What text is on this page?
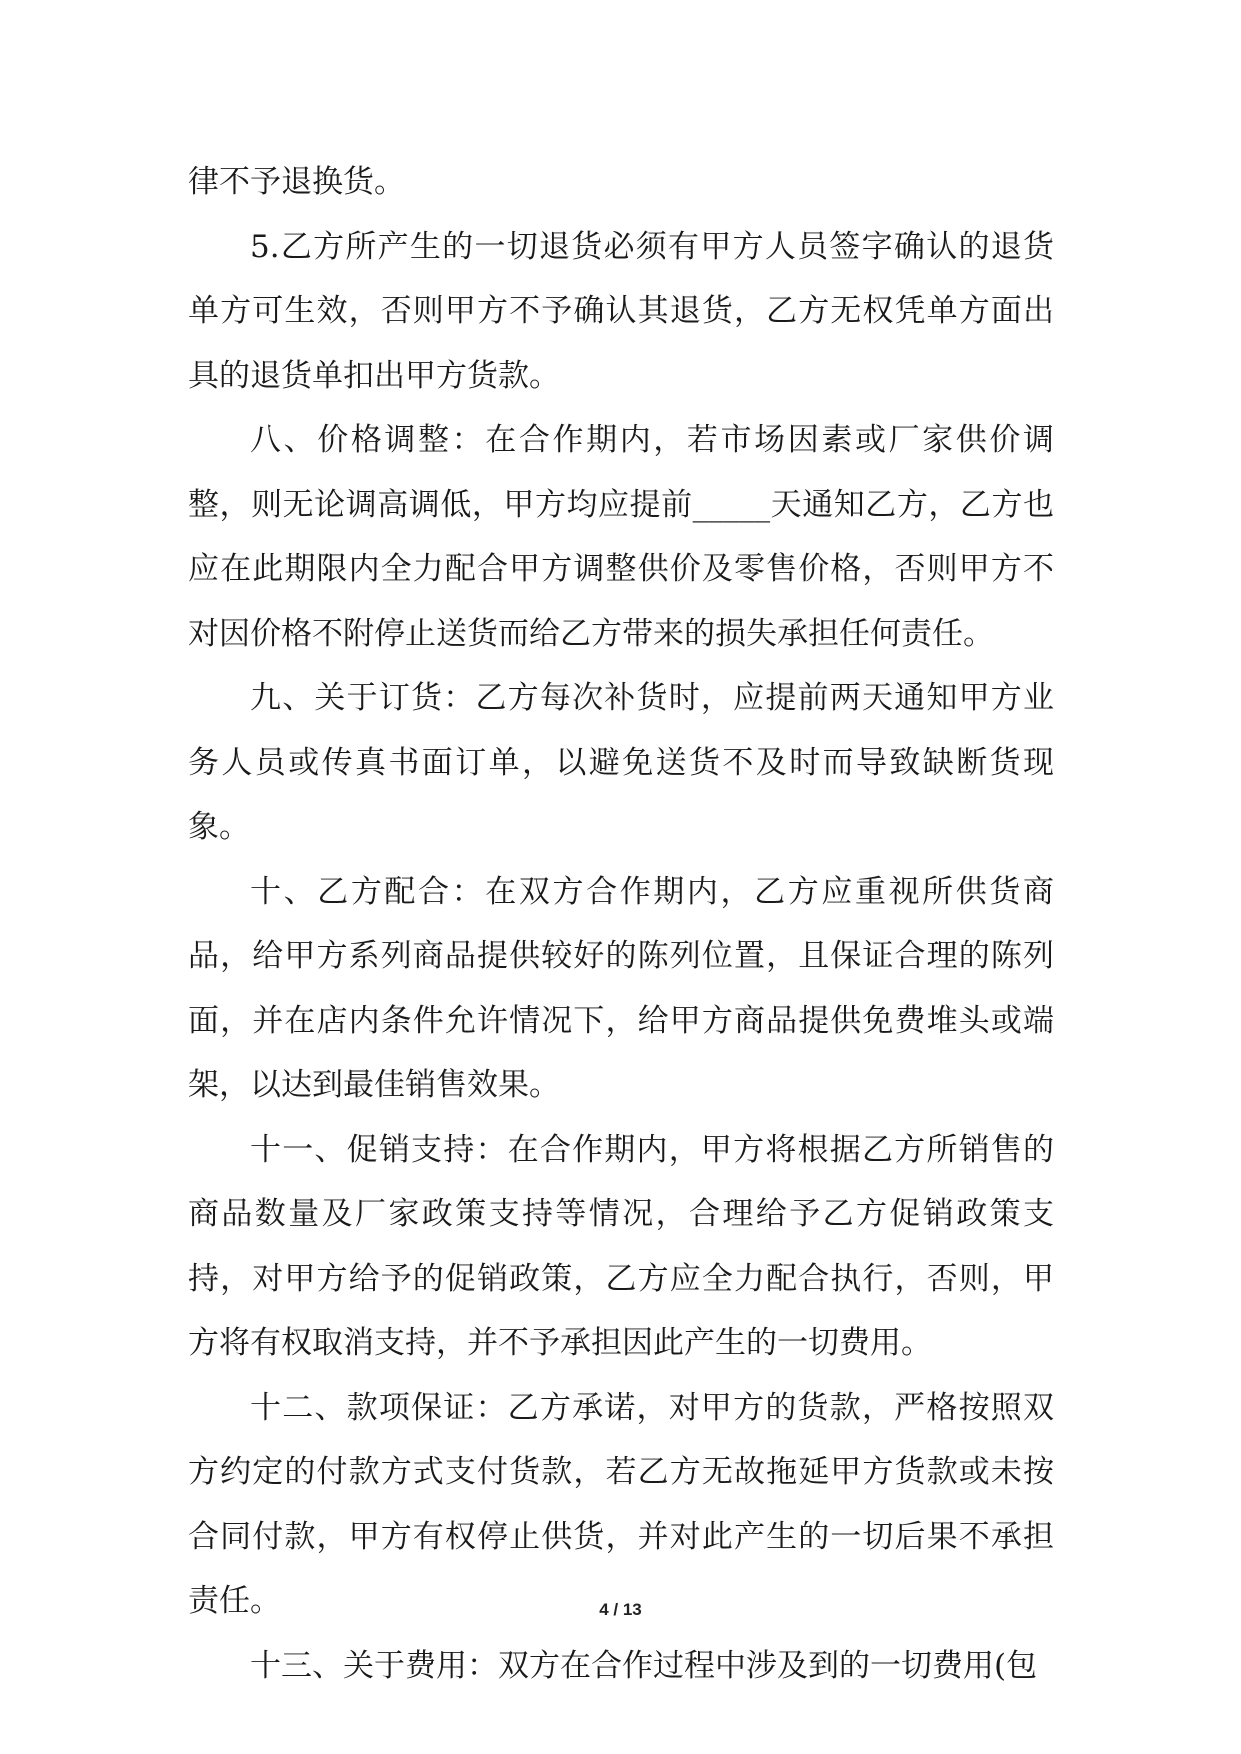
律不予退换货。

5.乙方所产生的一切退货必须有甲方人员签字确认的退货单方可生效，否则甲方不予确认其退货，乙方无权凭单方面出具的退货单扣出甲方货款。

八、价格调整：在合作期内，若市场因素或厂家供价调整，则无论调高调低，甲方均应提前_____天通知乙方，乙方也应在此期限内全力配合甲方调整供价及零售价格，否则甲方不对因价格不附停止送货而给乙方带来的损失承担任何责任。

九、关于订货：乙方每次补货时，应提前两天通知甲方业务人员或传真书面订单，以避免送货不及时而导致缺断货现象。

十、乙方配合：在双方合作期内，乙方应重视所供货商品，给甲方系列商品提供较好的陈列位置，且保证合理的陈列面，并在店内条件允许情况下，给甲方商品提供免费堆头或端架，以达到最佳销售效果。

十一、促销支持：在合作期内，甲方将根据乙方所销售的商品数量及厂家政策支持等情况，合理给予乙方促销政策支持，对甲方给予的促销政策，乙方应全力配合执行，否则，甲方将有权取消支持，并不予承担因此产生的一切费用。

十二、款项保证：乙方承诺，对甲方的货款，严格按照双方约定的付款方式支付货款，若乙方无故拖延甲方货款或未按合同付款，甲方有权停止供货，并对此产生的一切后果不承担责任。

十三、关于费用：双方在合作过程中涉及到的一切费用(包

4 / 13
